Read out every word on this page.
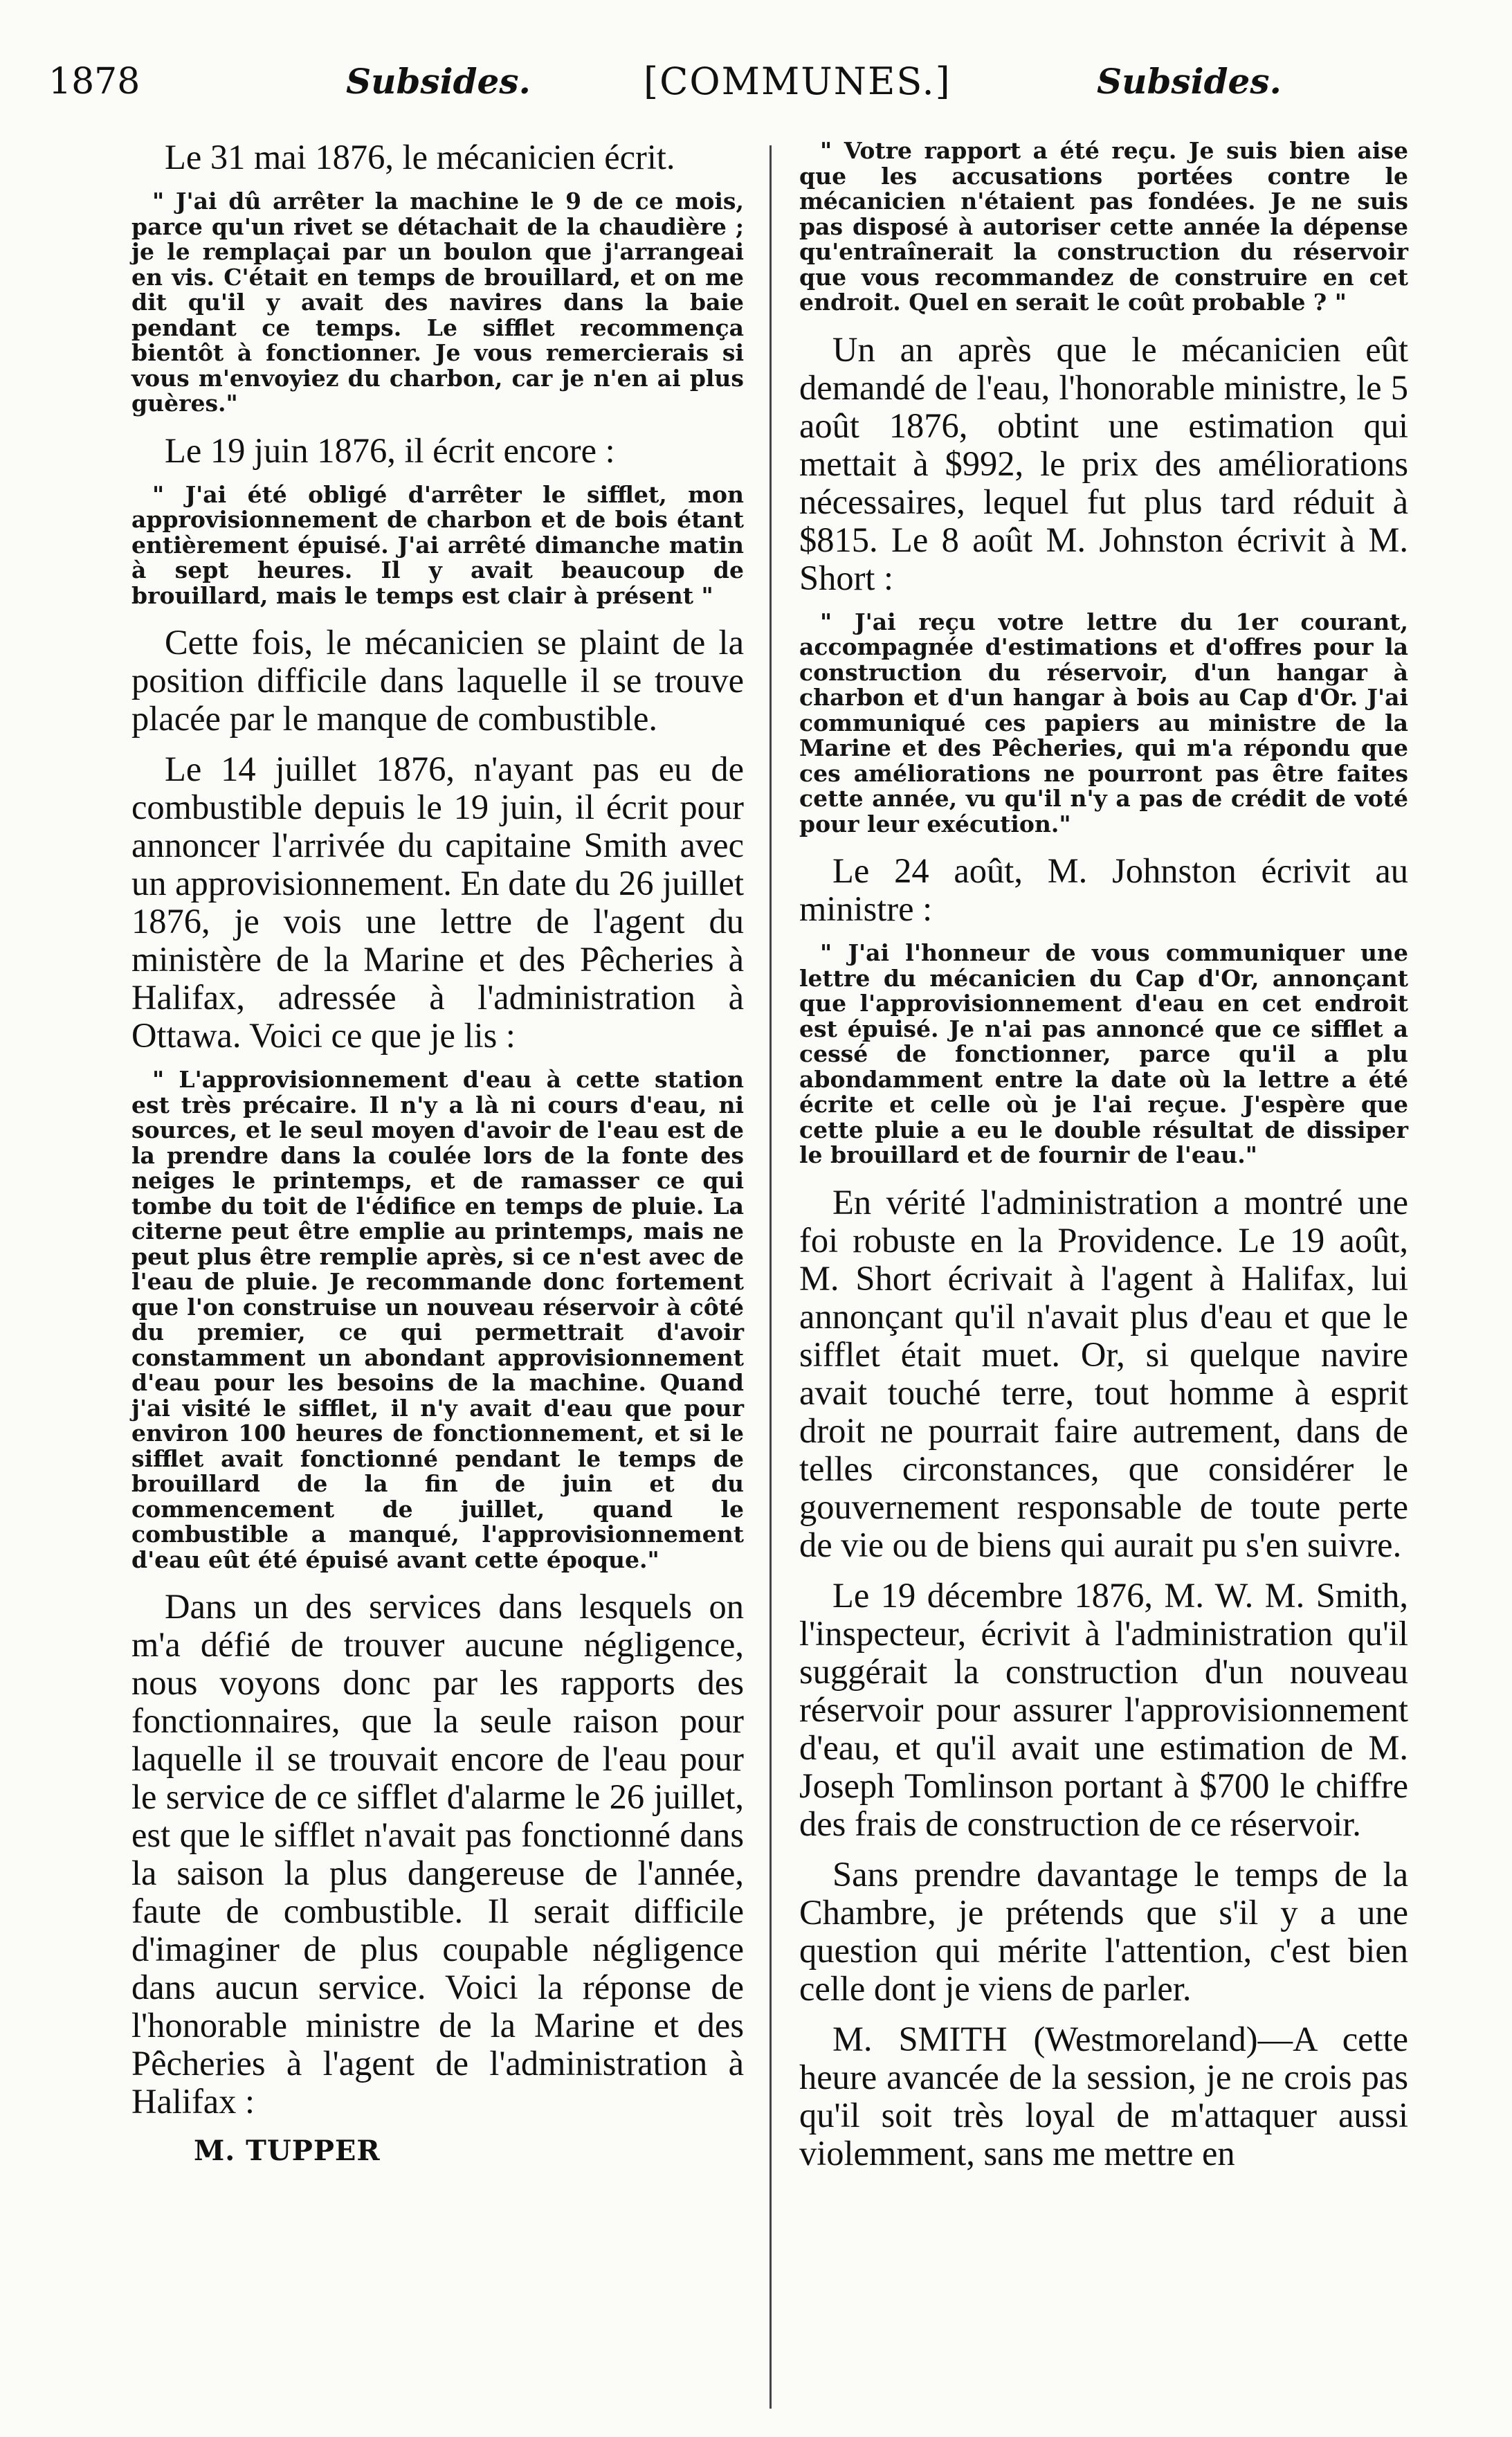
1878	Subsides.	[COMMUNES.]	Subsides.

Le 31 mai 1876, le mécanicien écrit.

" J'ai dû arrêter la machine le 9 de ce mois, parce qu'un rivet se détachait de la chaudière ; je le remplaçai par un boulon que j'arrangeai en vis. C'était en temps de brouillard, et on me dit qu'il y avait des navires dans la baie pendant ce temps. Le sifflet recommença bientôt à fonctionner. Je vous remercierais si vous m'envoyiez du charbon, car je n'en ai plus guères."

Le 19 juin 1876, il écrit encore :

" J'ai été obligé d'arrêter le sifflet, mon approvisionnement de charbon et de bois étant entièrement épuisé. J'ai arrêté dimanche matin à sept heures. Il y avait beaucoup de brouillard, mais le temps est clair à présent "

Cette fois, le mécanicien se plaint de la position difficile dans laquelle il se trouve placée par le manque de combustible.

Le 14 juillet 1876, n'ayant pas eu de combustible depuis le 19 juin, il écrit pour annoncer l'arrivée du capitaine Smith avec un approvisionnement. En date du 26 juillet 1876, je vois une lettre de l'agent du ministère de la Marine et des Pêcheries à Halifax, adressée à l'administration à Ottawa. Voici ce que je lis :

" L'approvisionnement d'eau à cette station est très précaire. Il n'y a là ni cours d'eau, ni sources, et le seul moyen d'avoir de l'eau est de la prendre dans la coulée lors de la fonte des neiges le printemps, et de ramasser ce qui tombe du toit de l'édifice en temps de pluie. La citerne peut être emplie au printemps, mais ne peut plus être remplie après, si ce n'est avec de l'eau de pluie. Je recommande donc fortement que l'on construise un nouveau réservoir à côté du premier, ce qui permettrait d'avoir constamment un abondant approvisionnement d'eau pour les besoins de la machine. Quand j'ai visité le sifflet, il n'y avait d'eau que pour environ 100 heures de fonctionnement, et si le sifflet avait fonctionné pendant le temps de brouillard de la fin de juin et du commencement de juillet, quand le combustible a manqué, l'approvisionnement d'eau eût été épuisé avant cette époque."

Dans un des services dans lesquels on m'a défié de trouver aucune négligence, nous voyons donc par les rapports des fonctionnaires, que la seule raison pour laquelle il se trouvait encore de l'eau pour le service de ce sifflet d'alarme le 26 juillet, est que le sifflet n'avait pas fonctionné dans la saison la plus dangereuse de l'année, faute de combustible. Il serait difficile d'imaginer de plus coupable négligence dans aucun service. Voici la réponse de l'honorable ministre de la Marine et des Pêcheries à l'agent de l'administration à Halifax :

M. TUPPER

" Votre rapport a été reçu. Je suis bien aise que les accusations portées contre le mécanicien n'étaient pas fondées. Je ne suis pas disposé à autoriser cette année la dépense qu'entraînerait la construction du réservoir que vous recommandez de construire en cet endroit. Quel en serait le coût probable ? "

Un an après que le mécanicien eût demandé de l'eau, l'honorable ministre, le 5 août 1876, obtint une estimation qui mettait à $992, le prix des améliorations nécessaires, lequel fut plus tard réduit à $815. Le 8 août M. Johnston écrivit à M. Short :

" J'ai reçu votre lettre du 1er courant, accompagnée d'estimations et d'offres pour la construction du réservoir, d'un hangar à charbon et d'un hangar à bois au Cap d'Or. J'ai communiqué ces papiers au ministre de la Marine et des Pêcheries, qui m'a répondu que ces améliorations ne pourront pas être faites cette année, vu qu'il n'y a pas de crédit de voté pour leur exécution."

Le 24 août, M. Johnston écrivit au ministre :

" J'ai l'honneur de vous communiquer une lettre du mécanicien du Cap d'Or, annonçant que l'approvisionnement d'eau en cet endroit est épuisé. Je n'ai pas annoncé que ce sifflet a cessé de fonctionner, parce qu'il a plu abondamment entre la date où la lettre a été écrite et celle où je l'ai reçue. J'espère que cette pluie a eu le double résultat de dissiper le brouillard et de fournir de l'eau."

En vérité l'administration a montré une foi robuste en la Providence. Le 19 août, M. Short écrivait à l'agent à Halifax, lui annonçant qu'il n'avait plus d'eau et que le sifflet était muet. Or, si quelque navire avait touché terre, tout homme à esprit droit ne pourrait faire autrement, dans de telles circonstances, que considérer le gouvernement responsable de toute perte de vie ou de biens qui aurait pu s'en suivre.

Le 19 décembre 1876, M. W. M. Smith, l'inspecteur, écrivit à l'administration qu'il suggérait la construction d'un nouveau réservoir pour assurer l'approvisionnement d'eau, et qu'il avait une estimation de M. Joseph Tomlinson portant à $700 le chiffre des frais de construction de ce réservoir.

Sans prendre davantage le temps de la Chambre, je prétends que s'il y a une question qui mérite l'attention, c'est bien celle dont je viens de parler.

M. SMITH (Westmoreland)—A cette heure avancée de la session, je ne crois pas qu'il soit très loyal de m'attaquer aussi violemment, sans me mettre en
